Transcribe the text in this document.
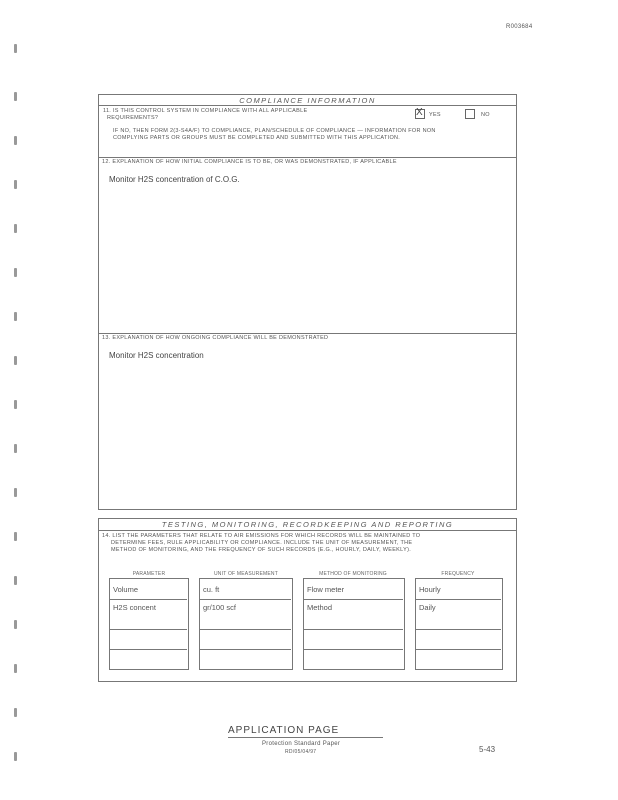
R003684
COMPLIANCE INFORMATION
11. IS THIS CONTROL SYSTEM IN COMPLIANCE WITH ALL APPLICABLE
REQUIREMENTS?	X YES	NO
IF NO, THEN FORM 2(3-S4A/F) TO COMPLIANCE, PLAN/SCHEDULE OF COMPLIANCE — INFORMATION FOR NON
COMPLYING PARTS OR GROUPS MUST BE COMPLETED AND SUBMITTED WITH THIS APPLICATION.
12. EXPLANATION OF HOW INITIAL COMPLIANCE IS TO BE, OR WAS DEMONSTRATED, IF APPLICABLE
Monitor H2S concentration of C.O.G.
13. EXPLANATION OF HOW ONGOING COMPLIANCE WILL BE DEMONSTRATED
Monitor H2S concentration
TESTING, MONITORING, RECORDKEEPING AND REPORTING
14. LIST THE PARAMETERS THAT RELATE TO AIR EMISSIONS FOR WHICH RECORDS WILL BE MAINTAINED TO
DETERMINE FEES, RULE APPLICABILITY OR COMPLIANCE. INCLUDE THE UNIT OF MEASUREMENT, THE
METHOD OF MONITORING, AND THE FREQUENCY OF SUCH RECORDS (E.G., HOURLY, DAILY, WEEKLY).
PARAMETER	UNIT OF MEASUREMENT	METHOD OF MONITORING	FREQUENCY
Volume	cu. ft	Flow meter	Hourly
H2S concent	gr/100 scf	Method	Daily
APPLICATION PAGE
Protection Standard Paper
RD/05/04/97	5-43
